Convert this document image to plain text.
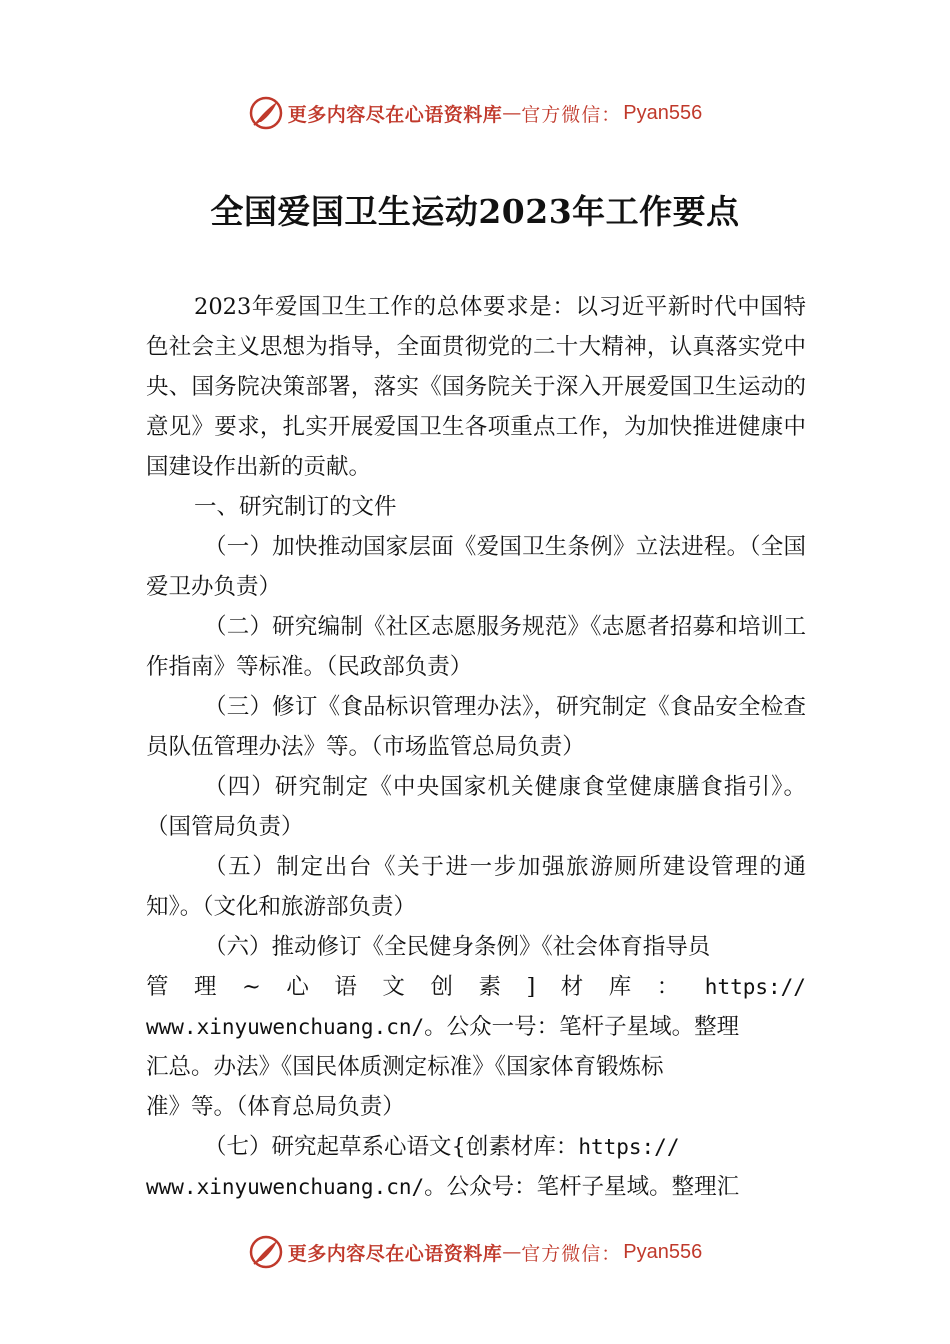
更多内容尽在心语资料库 — 官方微信： Pyan556
全国爱国卫生运动2023年工作要点

2023年爱国卫生工作的总体要求是：以习近平新时代中国特色社会主义思想为指导，全面贯彻党的二十大精神，认真落实党中央、国务院决策部署，落实《国务院关于深入开展爱国卫生运动的意见》要求，扎实开展爱国卫生各项重点工作，为加快推进健康中国建设作出新的贡献。

一、研究制订的文件

（一）加快推动国家层面《爱国卫生条例》立法进程。（全国爱卫办负责）

（二）研究编制《社区志愿服务规范》《志愿者招募和培训工作指南》等标准。（民政部负责）

（三）修订《食品标识管理办法》，研究制定《食品安全检查员队伍管理办法》等。（市场监管总局负责）

（四）研究制定《中央国家机关健康食堂健康膳食指引》。（国管局负责）

（五）制定出台《关于进一步加强旅游厕所建设管理的通知》。（文化和旅游部负责）

（六）推动修订《全民健身条例》《社会体育指导员

管 理 ~ 心 语 文 创 素 ] 材 库 ： https://

www.xinyuwenchuang.cn/。公众一号：笔杆子星域。整理

汇总。办法》《国民体质测定标准》《国家体育锻炼标

准》等。（体育总局负责）

（七）研究起草系心语文{创素材库：https://

www.xinyuwenchuang.cn/。公众号：笔杆子星域。整理汇

更多内容尽在心语资料库 — 官方微信： Pyan556
